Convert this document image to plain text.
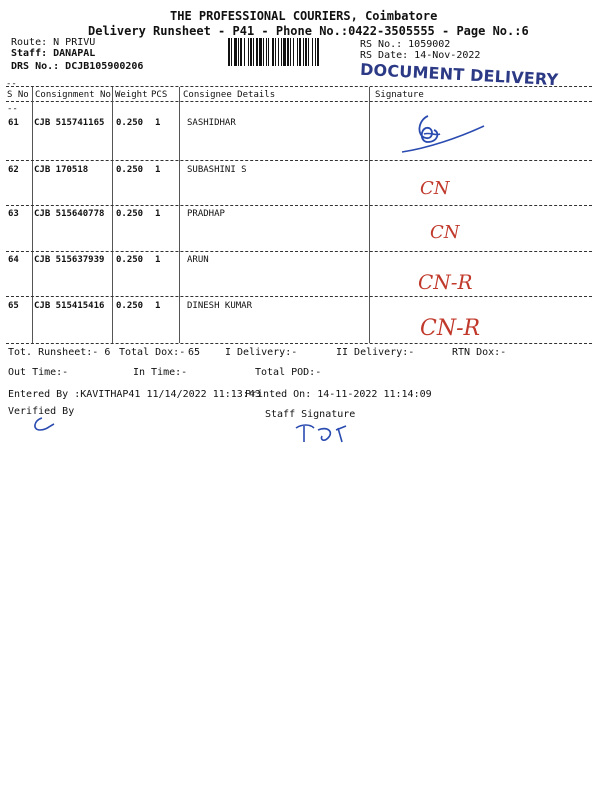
THE PROFESSIONAL COURIERS, Coimbatore
Delivery Runsheet - P41 - Phone No.:0422-3505555 - Page No.:6
Route: N PRIVU
Staff: DANAPAL
DRS No.: DCJB105900206
RS No.: 1059002
RS Date: 14-Nov-2022
DOCUMENT DELIVERY
--
S No Consignment No Weight PCS Consignee Details	Signature
--
61 CJB 515741165 0.250 1	SASHIDHAR
62 CJB 170518	0.250 1	SUBASHINI S
CN
63 CJB 515640778 0.250 1	PRADHAP
CN
64 CJB 515637939 0.250 1	ARUN
CN-R
65 CJB 515415416 0.250 1	DINESH KUMAR
CN-R
Tot. Runsheet:- 6 Total Dox:- 65 I Delivery:-	II Delivery:-	RTN Dox:-
Out Time:-	In Time:-	Total POD:-
Entered By :KAVITHAP41 11/14/2022 11:13:43
Printed On: 14-11-2022 11:14:09
Verified By	Staff Signature
